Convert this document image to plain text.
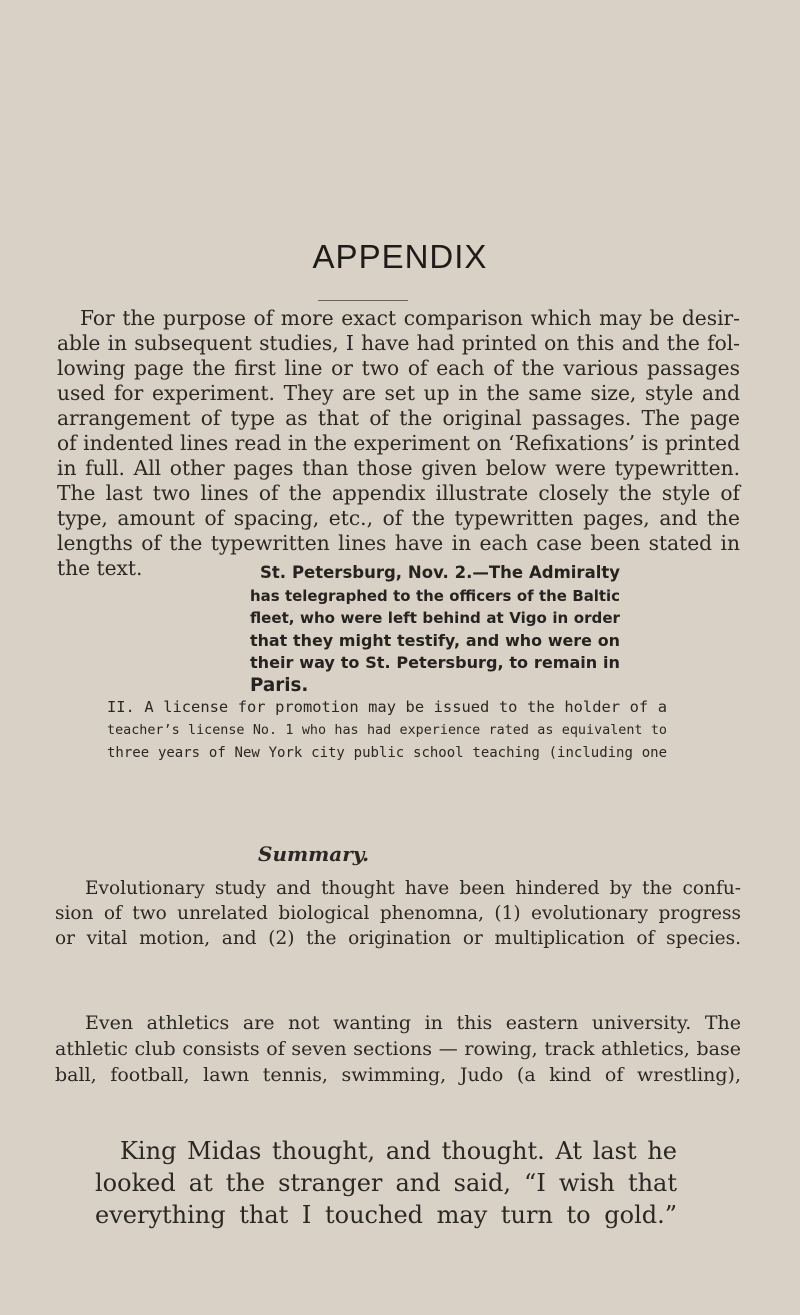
APPENDIX
For the purpose of more exact comparison which may be desir-
able in subsequent studies, I have had printed on this and the fol-
lowing page the first line or two of each of the various passages
used for experiment. They are set up in the same size, style and
arrangement of type as that of the original passages. The page
of indented lines read in the experiment on ‘Refixations’ is printed
in full. All other pages than those given below were typewritten.
The last two lines of the appendix illustrate closely the style of
type, amount of spacing, etc., of the typewritten pages, and the
lengths of the typewritten lines have in each case been stated in
the text.	St. Petersburg, Nov. 2.—The Admiralty
has telegraphed to the officers of the Baltic
fleet, who were left behind at Vigo in order
that they might testify, and who were on
their way to St. Petersburg, to remain in
Paris.
II. A license for promotion may be issued to the holder of a
teacher’s license No. 1 who has had experience rated as equivalent to
three years of New York city public school teaching (including one
Summary.
Evolutionary study and thought have been hindered by the confu-
sion of two unrelated biological phenomna, (1) evolutionary progress
or vital motion, and (2) the origination or multiplication of species.
Even athletics are not wanting in this eastern university. The
athletic club consists of seven sections — rowing, track athletics, base
ball, football, lawn tennis, swimming, Judo (a kind of wrestling),
King Midas thought, and thought. At last he
looked at the stranger and said, “I wish that
everything that I touched may turn to gold.”
